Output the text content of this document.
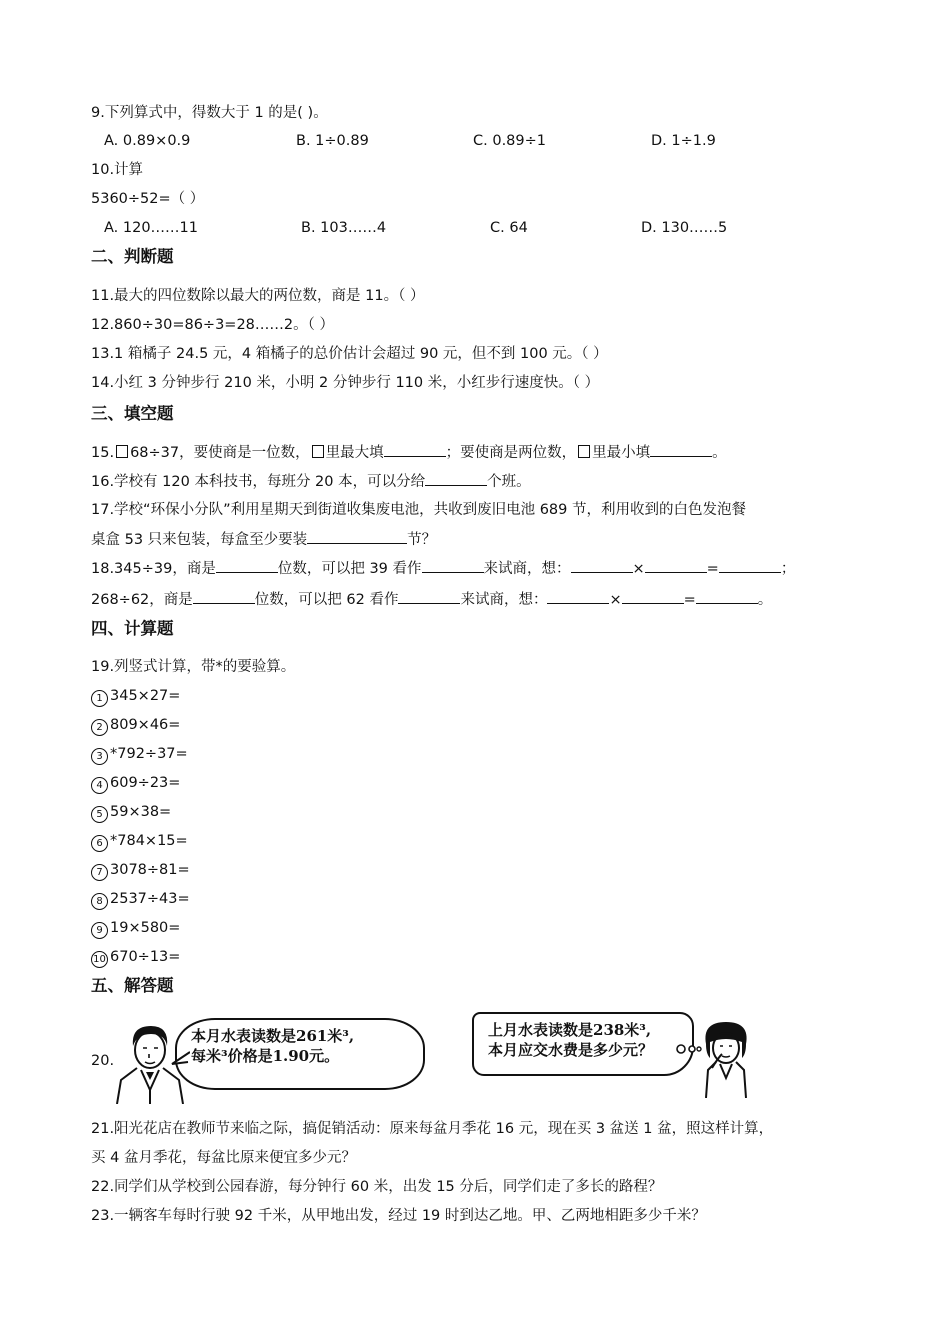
9.下列算式中，得数大于 1 的是( )。
A. 0.89×0.9	B. 1÷0.89	C. 0.89÷1	D. 1÷1.9
10.计算
5360÷52=（ ）
A. 120……11	B. 103……4	C. 64	D. 130……5
二、判断题
11.最大的四位数除以最大的两位数，商是 11。（ ）
12.860÷30=86÷3=28……2。（ ）
13.1 箱橘子 24.5 元，4 箱橘子的总价估计会超过 90 元，但不到 100 元。（ ）
14.小红 3 分钟步行 210 米，小明 2 分钟步行 110 米，小红步行速度快。（ ）
三、填空题
15. 68÷37，要使商是一位数， 里最大填	；要使商是两位数， 里最小填	。
16.学校有 120 本科技书，每班分 20 本，可以分给	个班。
17.学校“环保小分队”利用星期天到街道收集废电池，共收到废旧电池 689 节，利用收到的白色发泡餐
桌盒 53 只来包装，每盒至少要装	节？
18.345÷39，商是	位数，可以把 39 看作	来试商，想：	×	=	；
268÷62，商是	位数，可以把 62 看作	来试商，想：	×	=	。
四、计算题
19.列竖式计算，带*的要验算。
1 345×27=
2 809×46=
3 *792÷37=
4 609÷23=
5 59×38=
6 *784×15=
7 3078÷81=
8 2537÷43=
9 19×580=
10 670÷13=
五、解答题
20.
本月水表读数是261米³,
每米³价格是1.90元。
上月水表读数是238米³,
本月应交水费是多少元？
21.阳光花店在教师节来临之际，搞促销活动：原来每盆月季花 16 元，现在买 3 盆送 1 盆，照这样计算，
买 4 盆月季花，每盆比原来便宜多少元？
22.同学们从学校到公园春游，每分钟行 60 米，出发 15 分后，同学们走了多长的路程？
23.一辆客车每时行驶 92 千米，从甲地出发，经过 19 时到达乙地。甲、乙两地相距多少千米？
